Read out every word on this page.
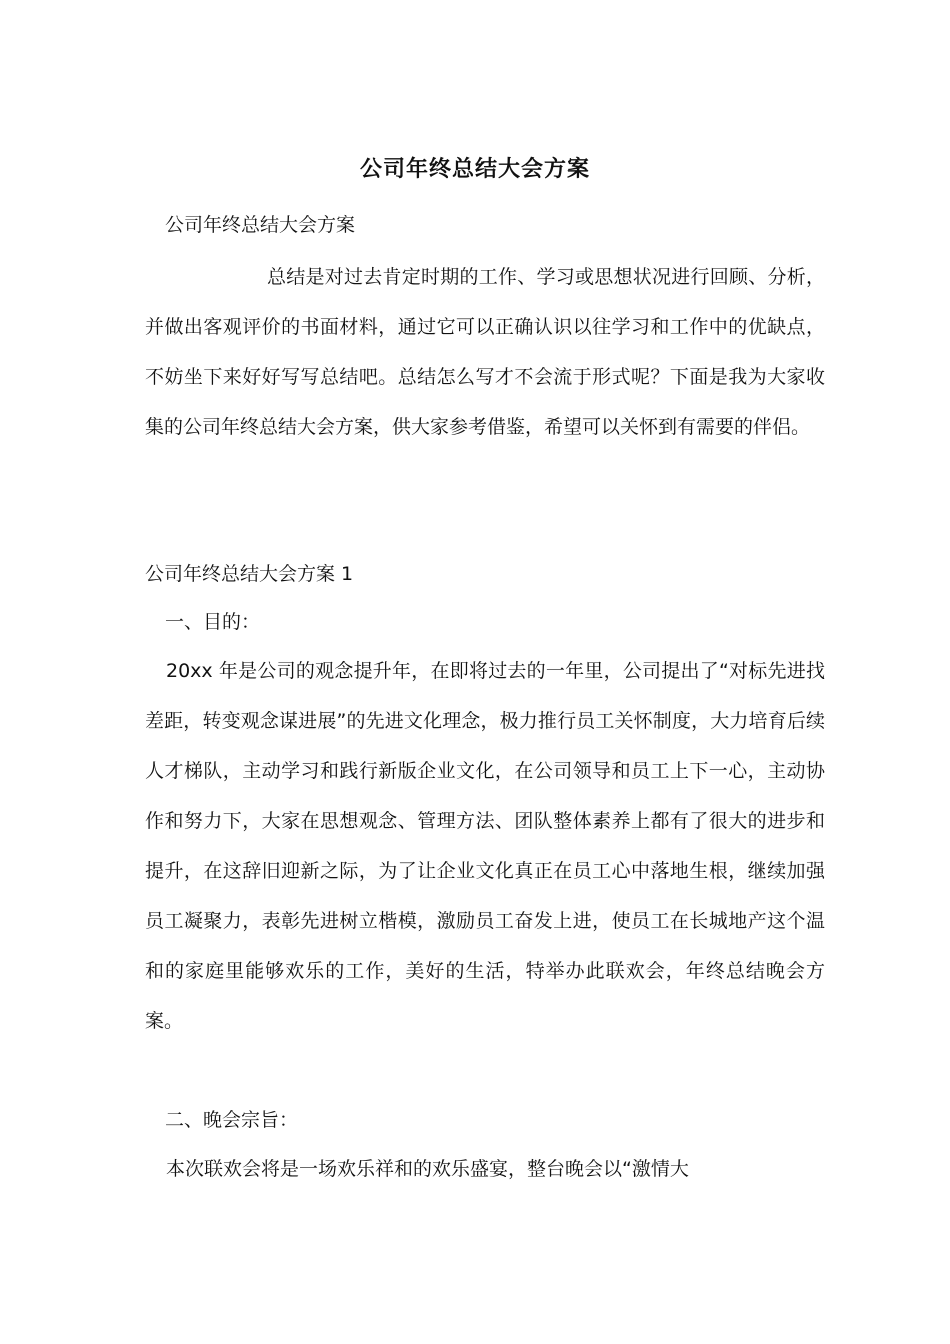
公司年终总结大会方案
公司年终总结大会方案

总结是对过去肯定时期的工作、学习或思想状况进行回顾、分析，并做出客观评价的书面材料，通过它可以正确认识以往学习和工作中的优缺点，不妨坐下来好好写写总结吧。总结怎么写才不会流于形式呢？下面是我为大家收集的公司年终总结大会方案，供大家参考借鉴，希望可以关怀到有需要的伴侣。

公司年终总结大会方案 1
一、目的：

20xx 年是公司的观念提升年，在即将过去的一年里，公司提出了“对标先进找差距，转变观念谋进展”的先进文化理念，极力推行员工关怀制度，大力培育后续人才梯队，主动学习和践行新版企业文化，在公司领导和员工上下一心，主动协作和努力下，大家在思想观念、管理方法、团队整体素养上都有了很大的进步和提升，在这辞旧迎新之际，为了让企业文化真正在员工心中落地生根，继续加强员工凝聚力，表彰先进树立楷模，激励员工奋发上进，使员工在长城地产这个温和的家庭里能够欢乐的工作，美好的生活，特举办此联欢会，年终总结晚会方案。

二、晚会宗旨：

本次联欢会将是一场欢乐祥和的欢乐盛宴，整台晚会以“激情大
